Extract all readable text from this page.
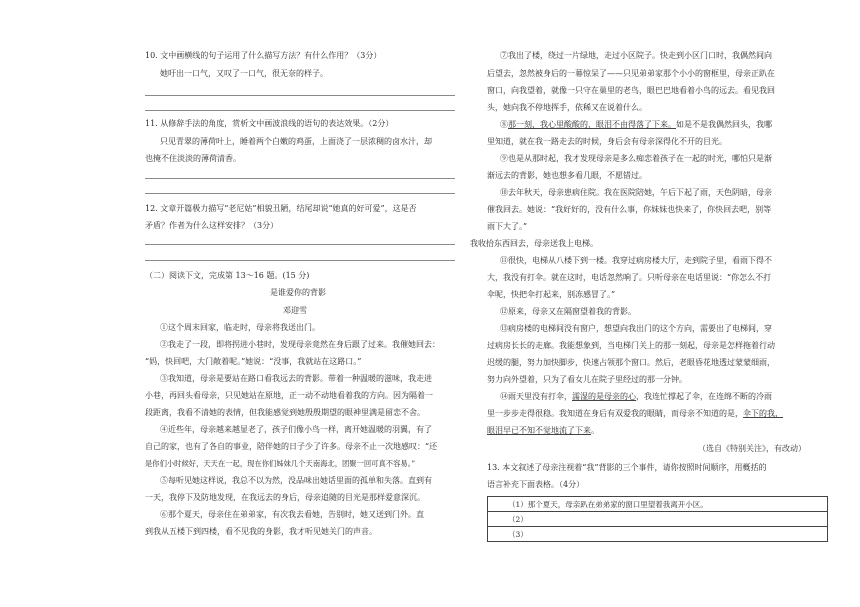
10. 文中画横线的句子运用了什么描写方法？有什么作用？（3分）
她吁出一口气，又叹了一口气，很无奈的样子。
11. 从修辞手法的角度，赏析文中画波浪线的语句的表达效果。（2分）
只见青翠的薄荷叶上，睡着两个白嫩的鸡蛋，上面浇了一层浓稠的卤水汁，却
也掩不住淡淡的薄荷清香。
12. 文章开篇极力描写“老尼姑”相貌丑陋，结尾却说“她真的好可爱”，这是否
矛盾？作者为什么这样安排？（3分）
（二）阅读下文，完成第 13～16 题。(15 分)
是谁爱你的背影
邓迎雪
①这个周末回家，临走时，母亲将我送出门。
②我走了一段，即将拐进小巷时，发现母亲竟然在身后跟了过来。我催她回去：
“妈，快回吧，大门敞着呢。”她说：“没事，我就站在这路口。”
③我知道，母亲是要站在路口看我远去的背影。带着一种温暖的滋味，我走进
小巷，再回头看母亲，只见她站在原地，正一动不动地看着我的方向。因为隔着一
段距离，我看不清她的表情，但我能感觉到她殷殷期望的眼神里满是留恋不舍。
④近些年，母亲越来越显老了，孩子们像小鸟一样，离开她温暖的羽翼，有了
自己的家，也有了各自的事业，陪伴她的日子少了许多。母亲不止一次地感叹：“还
是你们小时候好，天天在一起，现在你们姊妹几个天南海北，团聚一回可真不容易。”
⑤每听见她这样说，我总不以为然，没品味出她话里面的孤单和失落。直到有
一天，我停下及防地发现，在我远去的身后，母亲追随的目光是那样爱意深沉。
⑥那个夏天，母亲住在弟弟家，有次我去看她，告别时，她又送到门外。直
到我从五楼下到四楼，看不见我的身影，我才听见她关门的声音。
⑦我出了楼，绕过一片绿地，走过小区院子。快走到小区门口时，我偶然间向
后望去，忽然被身后的一幕惊呆了——只见弟弟家那个小小的窗框里，母亲正趴在
窗口，向我望着，就像一只守在巢里的老鸟，眼巴巴地看着小鸟的远去。看见我回
头，她向我不停地挥手，依稀又在说着什么。
⑧那一刻，我心里酸酸的，眼泪不由得落了下来。如是不是我偶然回头，我哪
里知道，就在我一路走去的时候，身后会有母亲深得化不开的目光。
⑨也是从那时起，我才发现母亲是多么痴恋着孩子在一起的时光，哪怕只是渐
渐远去的背影，她也想多看几眼，不愿错过。
⑩去年秋天，母亲患病住院。我在医院陪她，午后下起了雨，天色阴暗，母亲
催我回去。她说：“我好好的，没有什么事，你妹妹也快来了，你快回去吧，别等
雨下大了。”
我收拾东西回去，母亲送我上电梯。
⑪很快，电梯从八楼下到一楼。我穿过病房楼大厅，走到院子里，看雨下得不
大，我没有打伞。就在这时，电话忽然响了。只听母亲在电话里说：“你怎么不打
伞呢，快把伞打起来，别冻感冒了。”
⑫原来，母亲又在隔窗望着我的背影。
⑬病房楼的电梯间没有窗户，想望向我出门的这个方向，需要出了电梯间，穿
过病房长长的走廊。我能想象到，当电梯门关上的那一刻起，母亲是怎样拖着行动
迟缓的腿，努力加快脚步，快速占领那个窗口。然后，老眼昏花地透过蒙蒙细雨，
努力向外望着，只为了看女儿在院子里经过的那一分钟。
⑭雨天里没有打伞，濡湿的是母亲的心，我连忙撑起了伞，在连绵不断的冷雨
里一步步走得很稳。我知道在身后有双爱我的眼睛，而母亲不知道的是，伞下的我，
眼泪早已不知不觉地流了下来。
（选自《特别关注》，有改动）
13. 本文叙述了母亲注视着“我”背影的三个事件，请你按照时间顺序，用概括的
语言补充下面表格。（4分）
（1）那个夏天，母亲趴在弟弟家的窗口里望着我离开小区。
（2）
（3）
